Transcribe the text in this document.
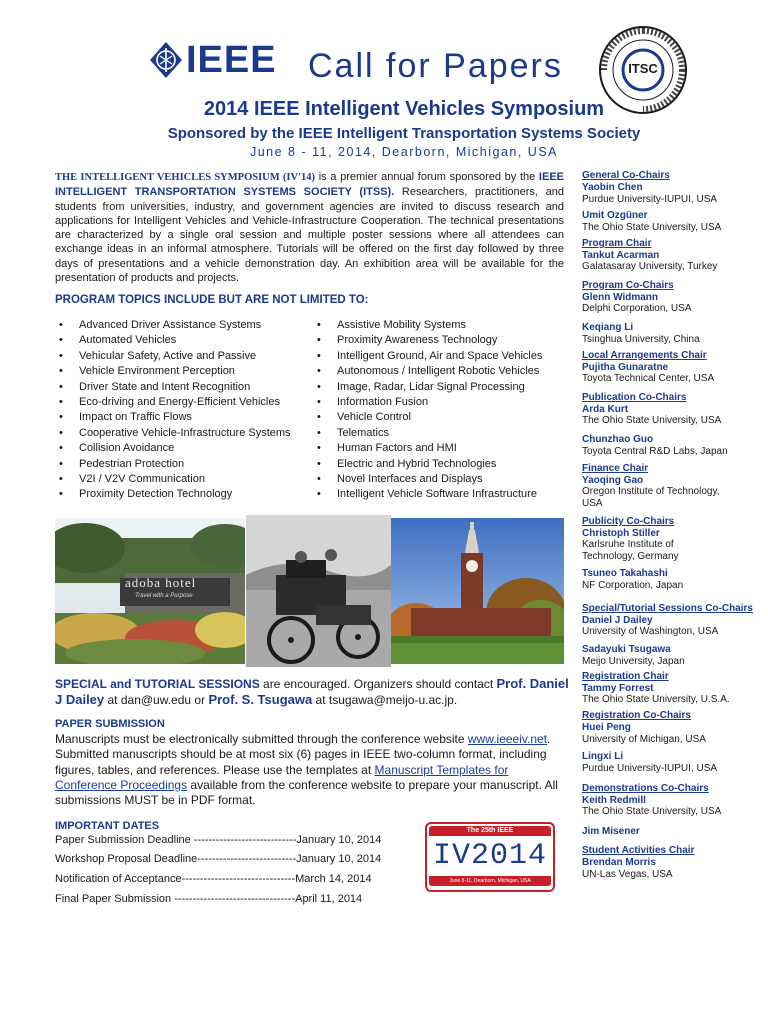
IEEE Call for Papers	ITSC
2014 IEEE Intelligent Vehicles Symposium
Sponsored by the IEEE Intelligent Transportation Systems Society
June 8 - 11, 2014, Dearborn, Michigan, USA
THE INTELLIGENT VEHICLES SYMPOSIUM (IV'14) is a premier annual forum sponsored by the IEEE INTELLIGENT TRANSPORTATION SYSTEMS SOCIETY (ITSS). Researchers, practitioners, and students from universities, industry, and government agencies are invited to discuss research and applications for Intelligent Vehicles and Vehicle-Infrastructure Cooperation. The technical presentations are characterized by a single oral session and multiple poster sessions where all attendees can exchange ideas in an informal atmosphere. Tutorials will be offered on the first day followed by three days of presentations and a vehicle demonstration day. An exhibition area will be available for the presentation of products and projects.
PROGRAM TOPICS INCLUDE BUT ARE NOT LIMITED TO:
• Advanced Driver Assistance Systems
• Automated Vehicles
• Vehicular Safety, Active and Passive
• Vehicle Environment Perception
• Driver State and Intent Recognition
• Eco-driving and Energy-Efficient Vehicles
• Impact on Traffic Flows
• Cooperative Vehicle-Infrastructure Systems
• Collision Avoidance
• Pedestrian Protection
• V2I / V2V Communication
• Proximity Detection Technology
• Assistive Mobility Systems
• Proximity Awareness Technology
• Intelligent Ground, Air and Space Vehicles
• Autonomous / Intelligent Robotic Vehicles
• Image, Radar, Lidar Signal Processing
• Information Fusion
• Vehicle Control
• Telematics
• Human Factors and HMI
• Electric and Hybrid Technologies
• Novel Interfaces and Displays
• Intelligent Vehicle Software Infrastructure
adoba hotel
Travel with a Purpose
SPECIAL and TUTORIAL SESSIONS are encouraged. Organizers should contact Prof. Daniel J Dailey at dan@uw.edu or Prof. S. Tsugawa at tsugawa@meijo-u.ac.jp.
PAPER SUBMISSION
Manuscripts must be electronically submitted through the conference website www.ieeeiv.net. Submitted manuscripts should be at most six (6) pages in IEEE two-column format, including figures, tables, and references. Please use the templates at Manuscript Templates for Conference Proceedings available from the conference website to prepare your manuscript. All submissions MUST be in PDF format.
IMPORTANT DATES
Paper Submission Deadline ----------------------------January 10, 2014
Workshop Proposal Deadline---------------------------January 10, 2014
Notification of Acceptance-------------------------------March 14, 2014
Final Paper Submission ---------------------------------April 11, 2014
The 25th IEEE
IV2014
June 8-11, Dearborn, Michigan, USA
General Co-Chairs
Yaobin Chen
Purdue University-IUPUI, USA
Umit Ozgüner
The Ohio State University, USA
Program Chair
Tankut Acarman
Galatasaray University, Turkey
Program Co-Chairs
Glenn Widmann
Delphi Corporation, USA
Keqiang Li
Tsinghua University, China
Local Arrangements Chair
Pujitha Gunaratne
Toyota Technical Center, USA
Publication Co-Chairs
Arda Kurt
The Ohio State University, USA
Chunzhao Guo
Toyota Central R&D Labs, Japan
Finance Chair
Yaoqing Gao
Oregon Institute of Technology,
USA
Publicity Co-Chairs
Christoph Stiller
Karlsruhe Institute of
Technology, Germany
Tsuneo Takahashi
NF Corporation, Japan
Special/Tutorial Sessions Co-Chairs
Daniel J Dailey
University of Washington, USA
Sadayuki Tsugawa
Meijo University, Japan
Registration Chair
Tammy Forrest
The Ohio State University, U.S.A.
Registration Co-Chairs
Huei Peng
University of Michigan, USA
Lingxi Li
Purdue University-IUPUI, USA
Demonstrations Co-Chairs
Keith Redmill
The Ohio State University, USA
Jim Misener
Student Activities Chair
Brendan Morris
UN-Las Vegas, USA
